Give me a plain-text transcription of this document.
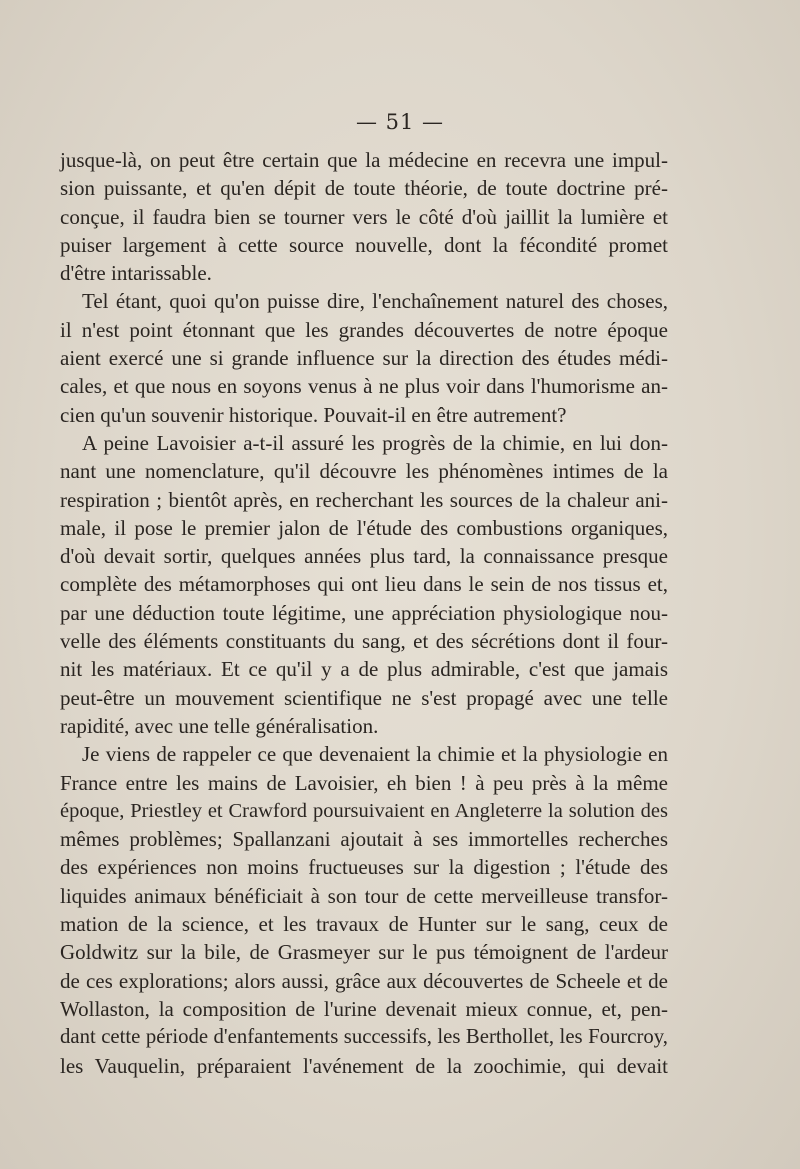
— 51 —
jusque-là, on peut être certain que la médecine en recevra une impul-
sion puissante, et qu'en dépit de toute théorie, de toute doctrine pré-
conçue, il faudra bien se tourner vers le côté d'où jaillit la lumière et
puiser largement à cette source nouvelle, dont la fécondité promet
d'être intarissable.
Tel étant, quoi qu'on puisse dire, l'enchaînement naturel des choses,
il n'est point étonnant que les grandes découvertes de notre époque
aient exercé une si grande influence sur la direction des études médi-
cales, et que nous en soyons venus à ne plus voir dans l'humorisme an-
cien qu'un souvenir historique. Pouvait-il en être autrement?
A peine Lavoisier a-t-il assuré les progrès de la chimie, en lui don-
nant une nomenclature, qu'il découvre les phénomènes intimes de la
respiration ; bientôt après, en recherchant les sources de la chaleur ani-
male, il pose le premier jalon de l'étude des combustions organiques,
d'où devait sortir, quelques années plus tard, la connaissance presque
complète des métamorphoses qui ont lieu dans le sein de nos tissus et,
par une déduction toute légitime, une appréciation physiologique nou-
velle des éléments constituants du sang, et des sécrétions dont il four-
nit les matériaux. Et ce qu'il y a de plus admirable, c'est que jamais
peut-être un mouvement scientifique ne s'est propagé avec une telle
rapidité, avec une telle généralisation.
Je viens de rappeler ce que devenaient la chimie et la physiologie en
France entre les mains de Lavoisier, eh bien ! à peu près à la même
époque, Priestley et Crawford poursuivaient en Angleterre la solution des
mêmes problèmes; Spallanzani ajoutait à ses immortelles recherches
des expériences non moins fructueuses sur la digestion ; l'étude des
liquides animaux bénéficiait à son tour de cette merveilleuse transfor-
mation de la science, et les travaux de Hunter sur le sang, ceux de
Goldwitz sur la bile, de Grasmeyer sur le pus témoignent de l'ardeur
de ces explorations; alors aussi, grâce aux découvertes de Scheele et de
Wollaston, la composition de l'urine devenait mieux connue, et, pen-
dant cette période d'enfantements successifs, les Berthollet, les Fourcroy,
les Vauquelin, préparaient l'avénement de la zoochimie, qui devait
